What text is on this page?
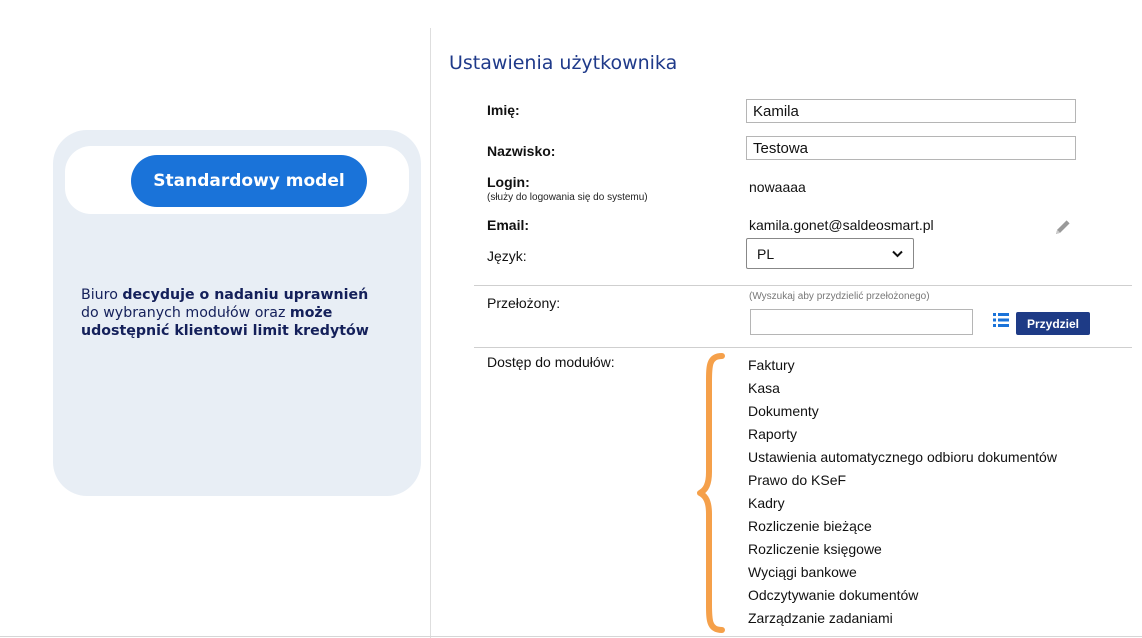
Standardowy model
Biuro decyduje o nadaniu uprawnień do wybranych modułów oraz może udostępnić klientowi limit kredytów
Ustawienia użytkownika
Imię:
Kamila
Nazwisko:
Testowa
Login:
(służy do logowania się do systemu)
nowaaaa
Email:	kamila.gonet@saldeosmart.pl
Język:	PL
Przełożony:	(Wyszukaj aby przydzielić przełożonego)
Przydziel
Dostęp do modułów:	Faktury
Kasa
Dokumenty
Raporty
Ustawienia automatycznego odbioru dokumentów
Prawo do KSeF
Kadry
Rozliczenie bieżące
Rozliczenie księgowe
Wyciągi bankowe
Odczytywanie dokumentów
Zarządzanie zadaniami
